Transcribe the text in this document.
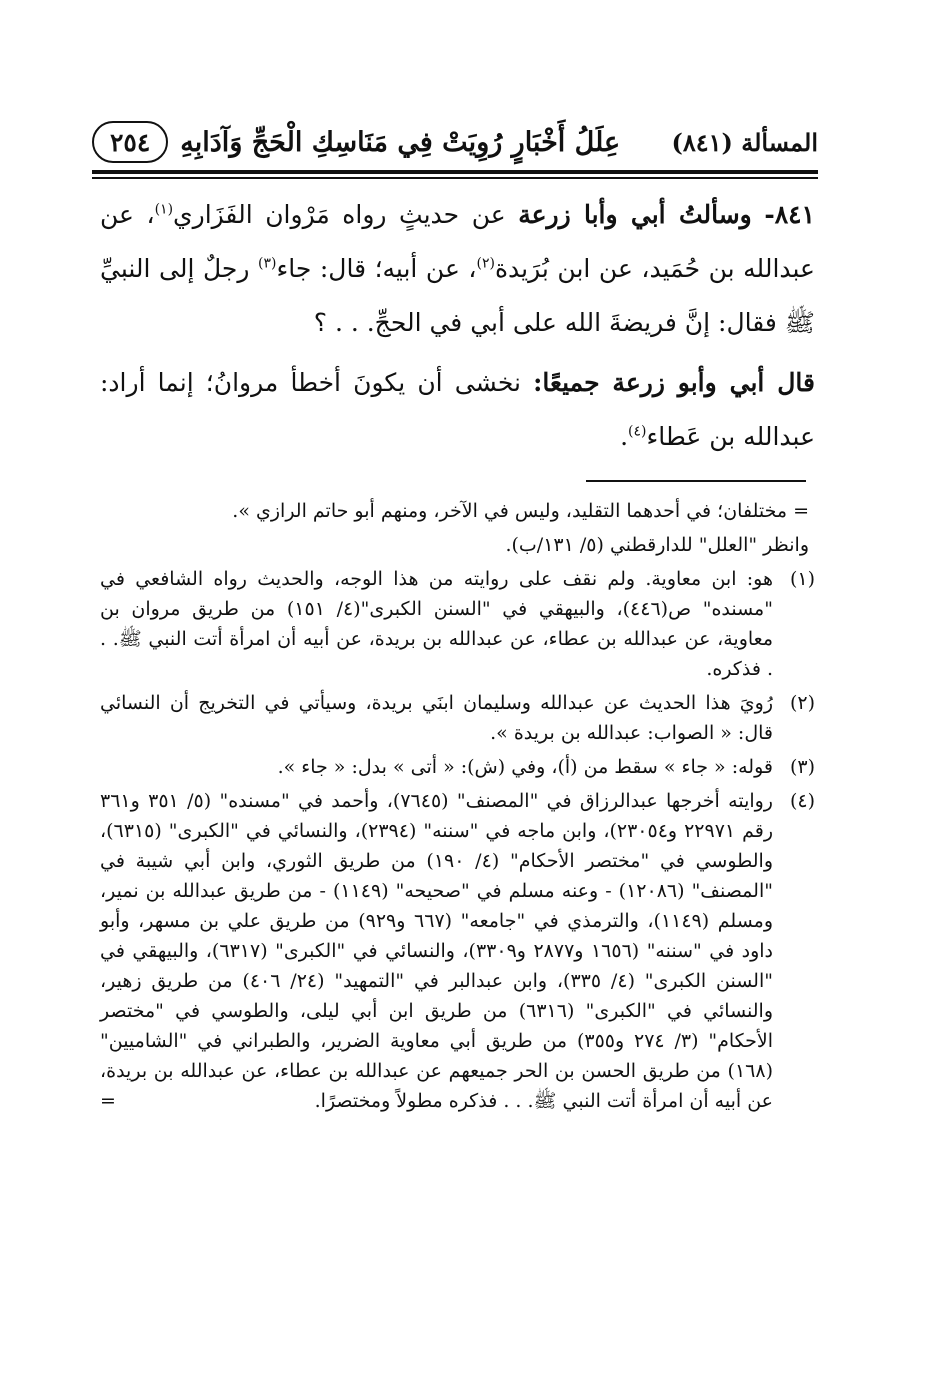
المسألة (٨٤١)
عِلَلُ أَخْبَارٍ رُوِيَتْ فِي مَنَاسِكِ الْحَجِّ وَآدَابِهِ
٢٥٤

٨٤١- وسألتُ أبي وأبا زرعة عن حديثٍ رواه مَرْوان الفَزَاري$^{(١)}$، عن عبدالله بن حُمَيد، عن ابن بُرَيدة$^{(٢)}$، عن أبيه؛ قال: جاء$^{(٣)}$ رجلٌ إلى النبيِّ ﷺ فقال: إنَّ فريضةَ الله على أبي في الحجِّ. . . ؟

قال أبي وأبو زرعة جميعًا: نخشى أن يكونَ أخطأ مروانُ؛ إنما أراد: عبدالله بن عَطاء$^{(٤)}$.

= مختلفان؛ في أحدهما التقليد، وليس في الآخر، ومنهم أبو حاتم الرازي ».

وانظر "العلل" للدارقطني (٥/ ١٣١/ب).

(١)
هو: ابن معاوية. ولم نقف على روايته من هذا الوجه، والحديث رواه الشافعي في "مسنده" ص(٤٤٦)، والبيهقي في "السنن الكبرى"(٤/ ١٥١) من طريق مروان بن معاوية، عن عبدالله بن عطاء، عن عبدالله بن بريدة، عن أبيه أن امرأة أتت النبي ﷺ. . . فذكره.
(٢)
رُويَ هذا الحديث عن عبدالله وسليمان ابنَي بريدة، وسيأتي في التخريج أن النسائي قال: « الصواب: عبدالله بن بريدة ».
(٣)
قوله: « جاء » سقط من (أ)، وفي (ش): « أتى » بدل: « جاء ».
(٤)
روايته أخرجها عبدالرزاق في "المصنف" (٧٦٤٥)، وأحمد في "مسنده" (٥/ ٣٥١ و٣٦١ رقم ٢٢٩٧١ و٢٣٠٥٤)، وابن ماجه في "سننه" (٢٣٩٤)، والنسائي في "الكبرى" (٦٣١٥)، والطوسي في "مختصر الأحكام" (٤/ ١٩٠) من طريق الثوري، وابن أبي شيبة في "المصنف" (١٢٠٨٦) - وعنه مسلم في "صحيحه" (١١٤٩) - من طريق عبدالله بن نمير، ومسلم (١١٤٩)، والترمذي في "جامعه" (٦٦٧ و٩٢٩) من طريق علي بن مسهر، وأبو داود في "سننه" (١٦٥٦ و٢٨٧٧ و٣٣٠٩)، والنسائي في "الكبرى" (٦٣١٧)، والبيهقي في "السنن الكبرى" (٤/ ٣٣٥)، وابن عبدالبر في "التمهيد" (٢٤/ ٤٠٦) من طريق زهير، والنسائي في "الكبرى" (٦٣١٦) من طريق ابن أبي ليلى، والطوسي في "مختصر الأحكام" (٣/ ٢٧٤ و٣٥٥) من طريق أبي معاوية الضرير، والطبراني في "الشاميين" (١٦٨) من طريق الحسن بن الحر جميعهم عن عبدالله بن عطاء، عن عبدالله بن بريدة، عن أبيه أن امرأة أتت النبي ﷺ. . . فذكره مطولاً ومختصرًا.
=
